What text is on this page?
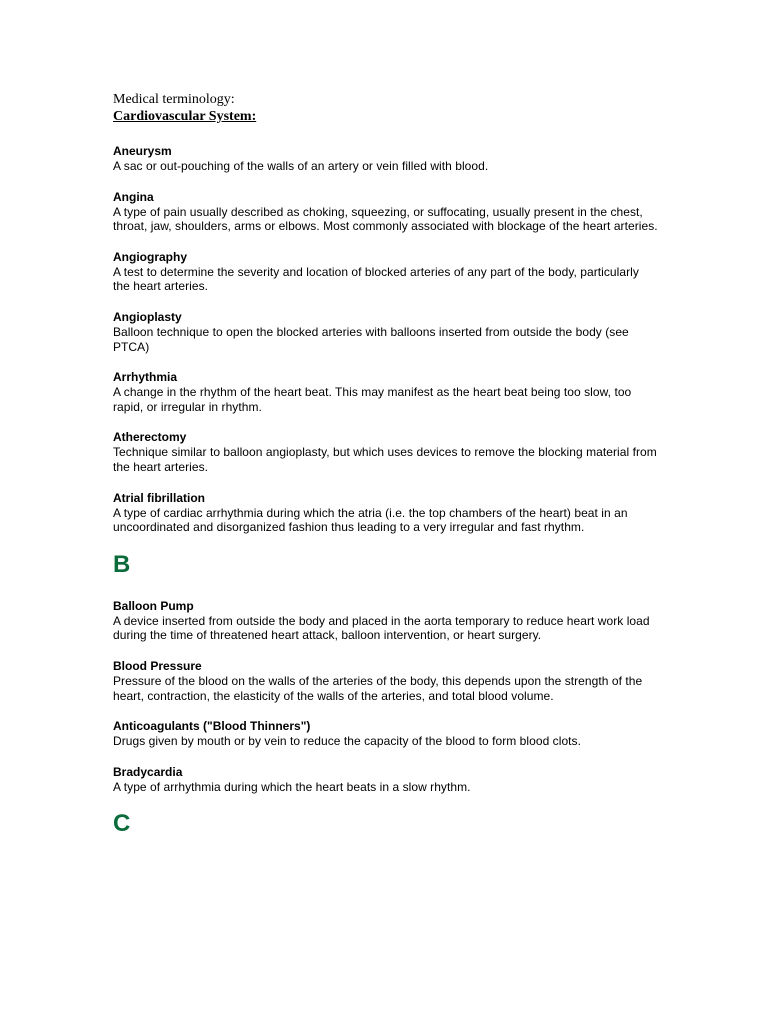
Medical terminology:

Cardiovascular System:

Aneurysm

A sac or out-pouching of the walls of an artery or vein filled with blood.

Angina

A type of pain usually described as choking, squeezing, or suffocating, usually present in the chest, throat, jaw, shoulders, arms or elbows. Most commonly associated with blockage of the heart arteries.

Angiography

A test to determine the severity and location of blocked arteries of any part of the body, particularly the heart arteries.

Angioplasty

Balloon technique to open the blocked arteries with balloons inserted from outside the body (see PTCA)

Arrhythmia

A change in the rhythm of the heart beat. This may manifest as the heart beat being too slow, too rapid, or irregular in rhythm.

Atherectomy

Technique similar to balloon angioplasty, but which uses devices to remove the blocking material from the heart arteries.

Atrial fibrillation

A type of cardiac arrhythmia during which the atria (i.e. the top chambers of the heart) beat in an uncoordinated and disorganized fashion thus leading to a very irregular and fast rhythm.

B

Balloon Pump

A device inserted from outside the body and placed in the aorta temporary to reduce heart work load during the time of threatened heart attack, balloon intervention, or heart surgery.

Blood Pressure

Pressure of the blood on the walls of the arteries of the body, this depends upon the strength of the heart, contraction, the elasticity of the walls of the arteries, and total blood volume.

Anticoagulants ("Blood Thinners")

Drugs given by mouth or by vein to reduce the capacity of the blood to form blood clots.

Bradycardia

A type of arrhythmia during which the heart beats in a slow rhythm.

C
